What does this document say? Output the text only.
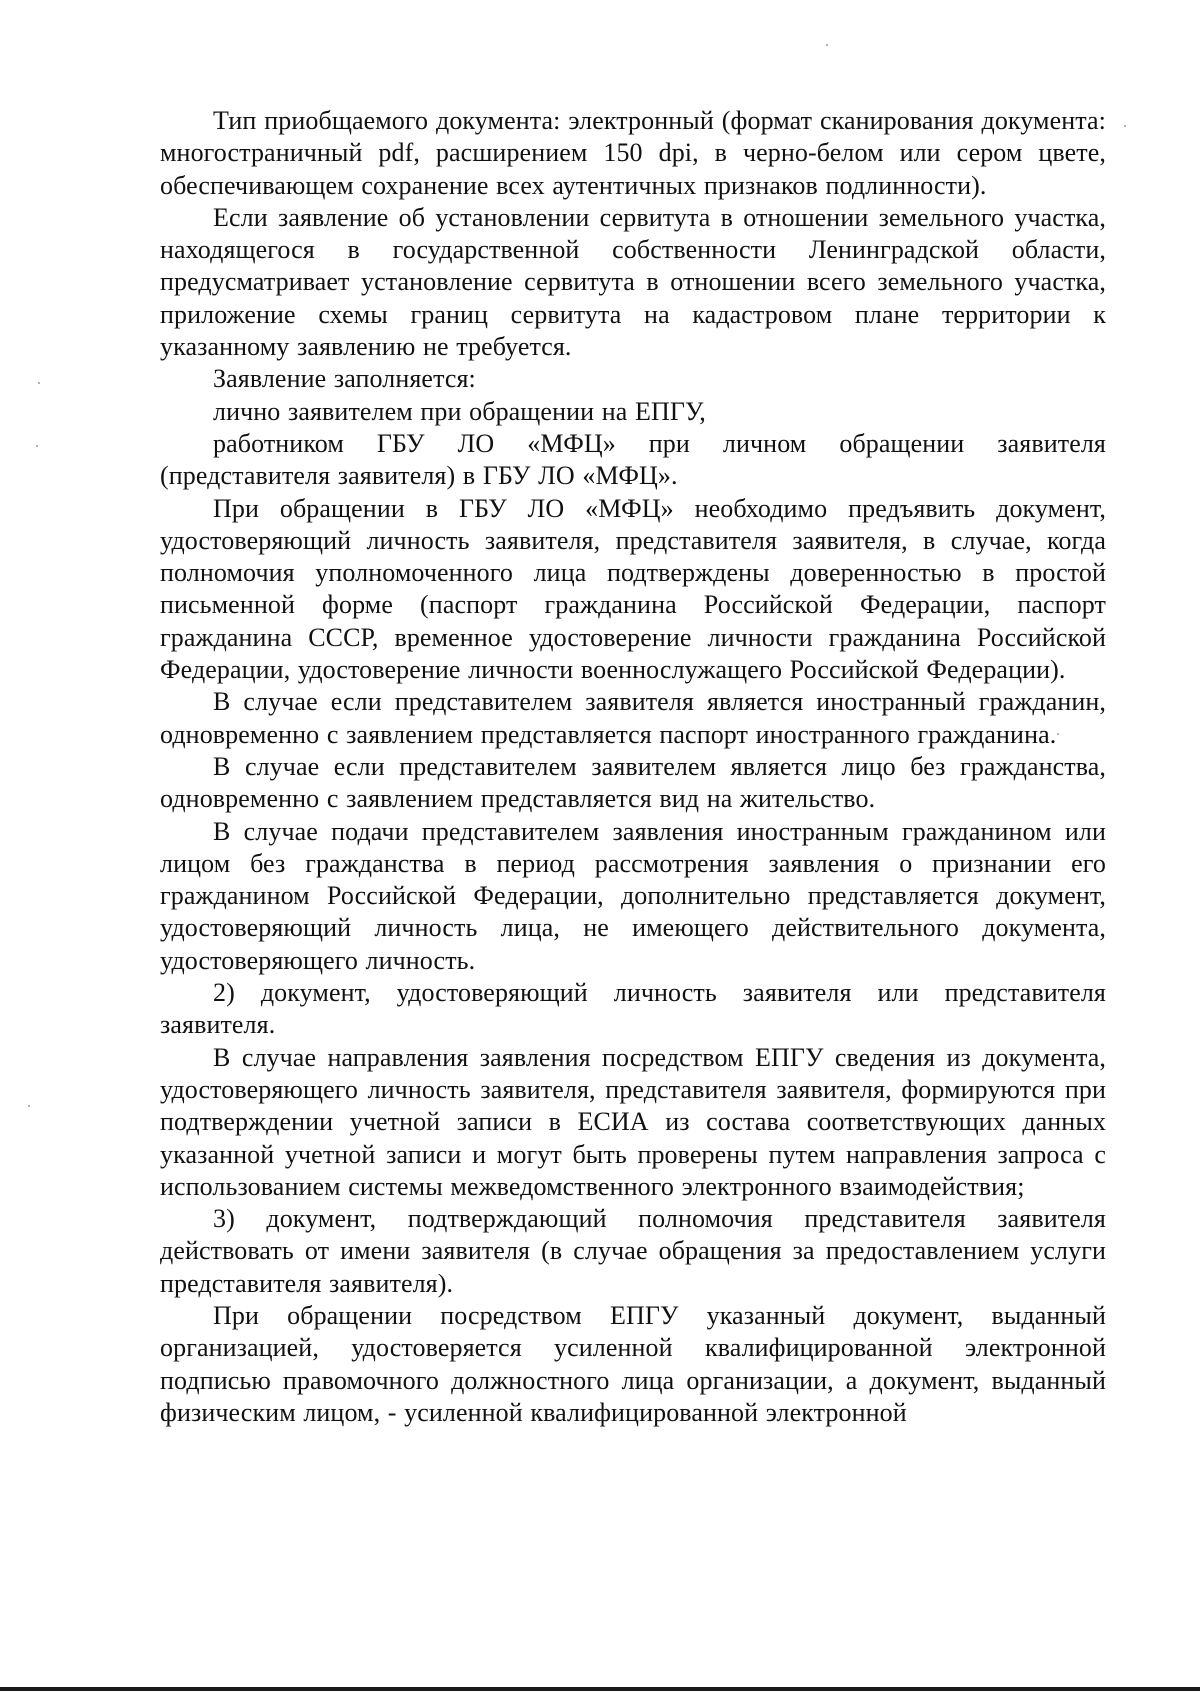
Тип приобщаемого документа: электронный (формат сканирования документа: многостраничный pdf, расширением 150 dpi, в черно-белом или сером цвете, обеспечивающем сохранение всех аутентичных признаков подлинности).

Если заявление об установлении сервитута в отношении земельного участка, находящегося в государственной собственности Ленинградской области, предусматривает установление сервитута в отношении всего земельного участка, приложение схемы границ сервитута на кадастровом плане территории к указанному заявлению не требуется.

Заявление заполняется:

лично заявителем при обращении на ЕПГУ,

работником ГБУ ЛО «МФЦ» при личном обращении заявителя (представителя заявителя) в ГБУ ЛО «МФЦ».

При обращении в ГБУ ЛО «МФЦ» необходимо предъявить документ, удостоверяющий личность заявителя, представителя заявителя, в случае, когда полномочия уполномоченного лица подтверждены доверенностью в простой письменной форме (паспорт гражданина Российской Федерации, паспорт гражданина СССР, временное удостоверение личности гражданина Российской Федерации, удостоверение личности военнослужащего Российской Федерации).

В случае если представителем заявителя является иностранный гражданин, одновременно с заявлением представляется паспорт иностранного гражданина.

В случае если представителем заявителем является лицо без гражданства, одновременно с заявлением представляется вид на жительство.

В случае подачи представителем заявления иностранным гражданином или лицом без гражданства в период рассмотрения заявления о признании его гражданином Российской Федерации, дополнительно представляется документ, удостоверяющий личность лица, не имеющего действительного документа, удостоверяющего личность.

2) документ, удостоверяющий личность заявителя или представителя заявителя.

В случае направления заявления посредством ЕПГУ сведения из документа, удостоверяющего личность заявителя, представителя заявителя, формируются при подтверждении учетной записи в ЕСИА из состава соответствующих данных указанной учетной записи и могут быть проверены путем направления запроса с использованием системы межведомственного электронного взаимодействия;

3) документ, подтверждающий полномочия представителя заявителя действовать от имени заявителя (в случае обращения за предоставлением услуги представителя заявителя).

При обращении посредством ЕПГУ указанный документ, выданный организацией, удостоверяется усиленной квалифицированной электронной подписью правомочного должностного лица организации, а документ, выданный физическим лицом, - усиленной квалифицированной электронной
